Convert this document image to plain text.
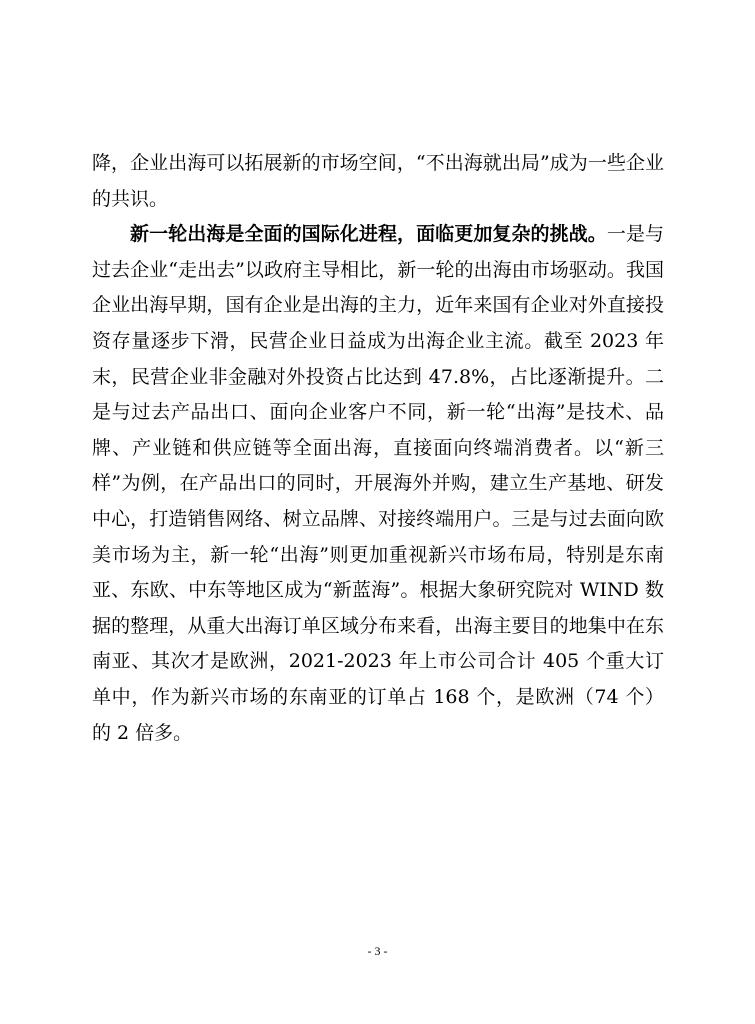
降，企业出海可以拓展新的市场空间，“不出海就出局”成为一些企业的共识。

新一轮出海是全面的国际化进程，面临更加复杂的挑战。一是与过去企业“走出去”以政府主导相比，新一轮的出海由市场驱动。我国企业出海早期，国有企业是出海的主力，近年来国有企业对外直接投资存量逐步下滑，民营企业日益成为出海企业主流。截至 2023 年末，民营企业非金融对外投资占比达到 47.8%，占比逐渐提升。二是与过去产品出口、面向企业客户不同，新一轮“出海”是技术、品牌、产业链和供应链等全面出海，直接面向终端消费者。以“新三样”为例，在产品出口的同时，开展海外并购，建立生产基地、研发中心，打造销售网络、树立品牌、对接终端用户。三是与过去面向欧美市场为主，新一轮“出海”则更加重视新兴市场布局，特别是东南亚、东欧、中东等地区成为“新蓝海”。根据大象研究院对 WIND 数据的整理，从重大出海订单区域分布来看，出海主要目的地集中在东南亚、其次才是欧洲，2021-2023 年上市公司合计 405 个重大订单中，作为新兴市场的东南亚的订单占 168 个，是欧洲（74 个）的 2 倍多。

- 3 -
